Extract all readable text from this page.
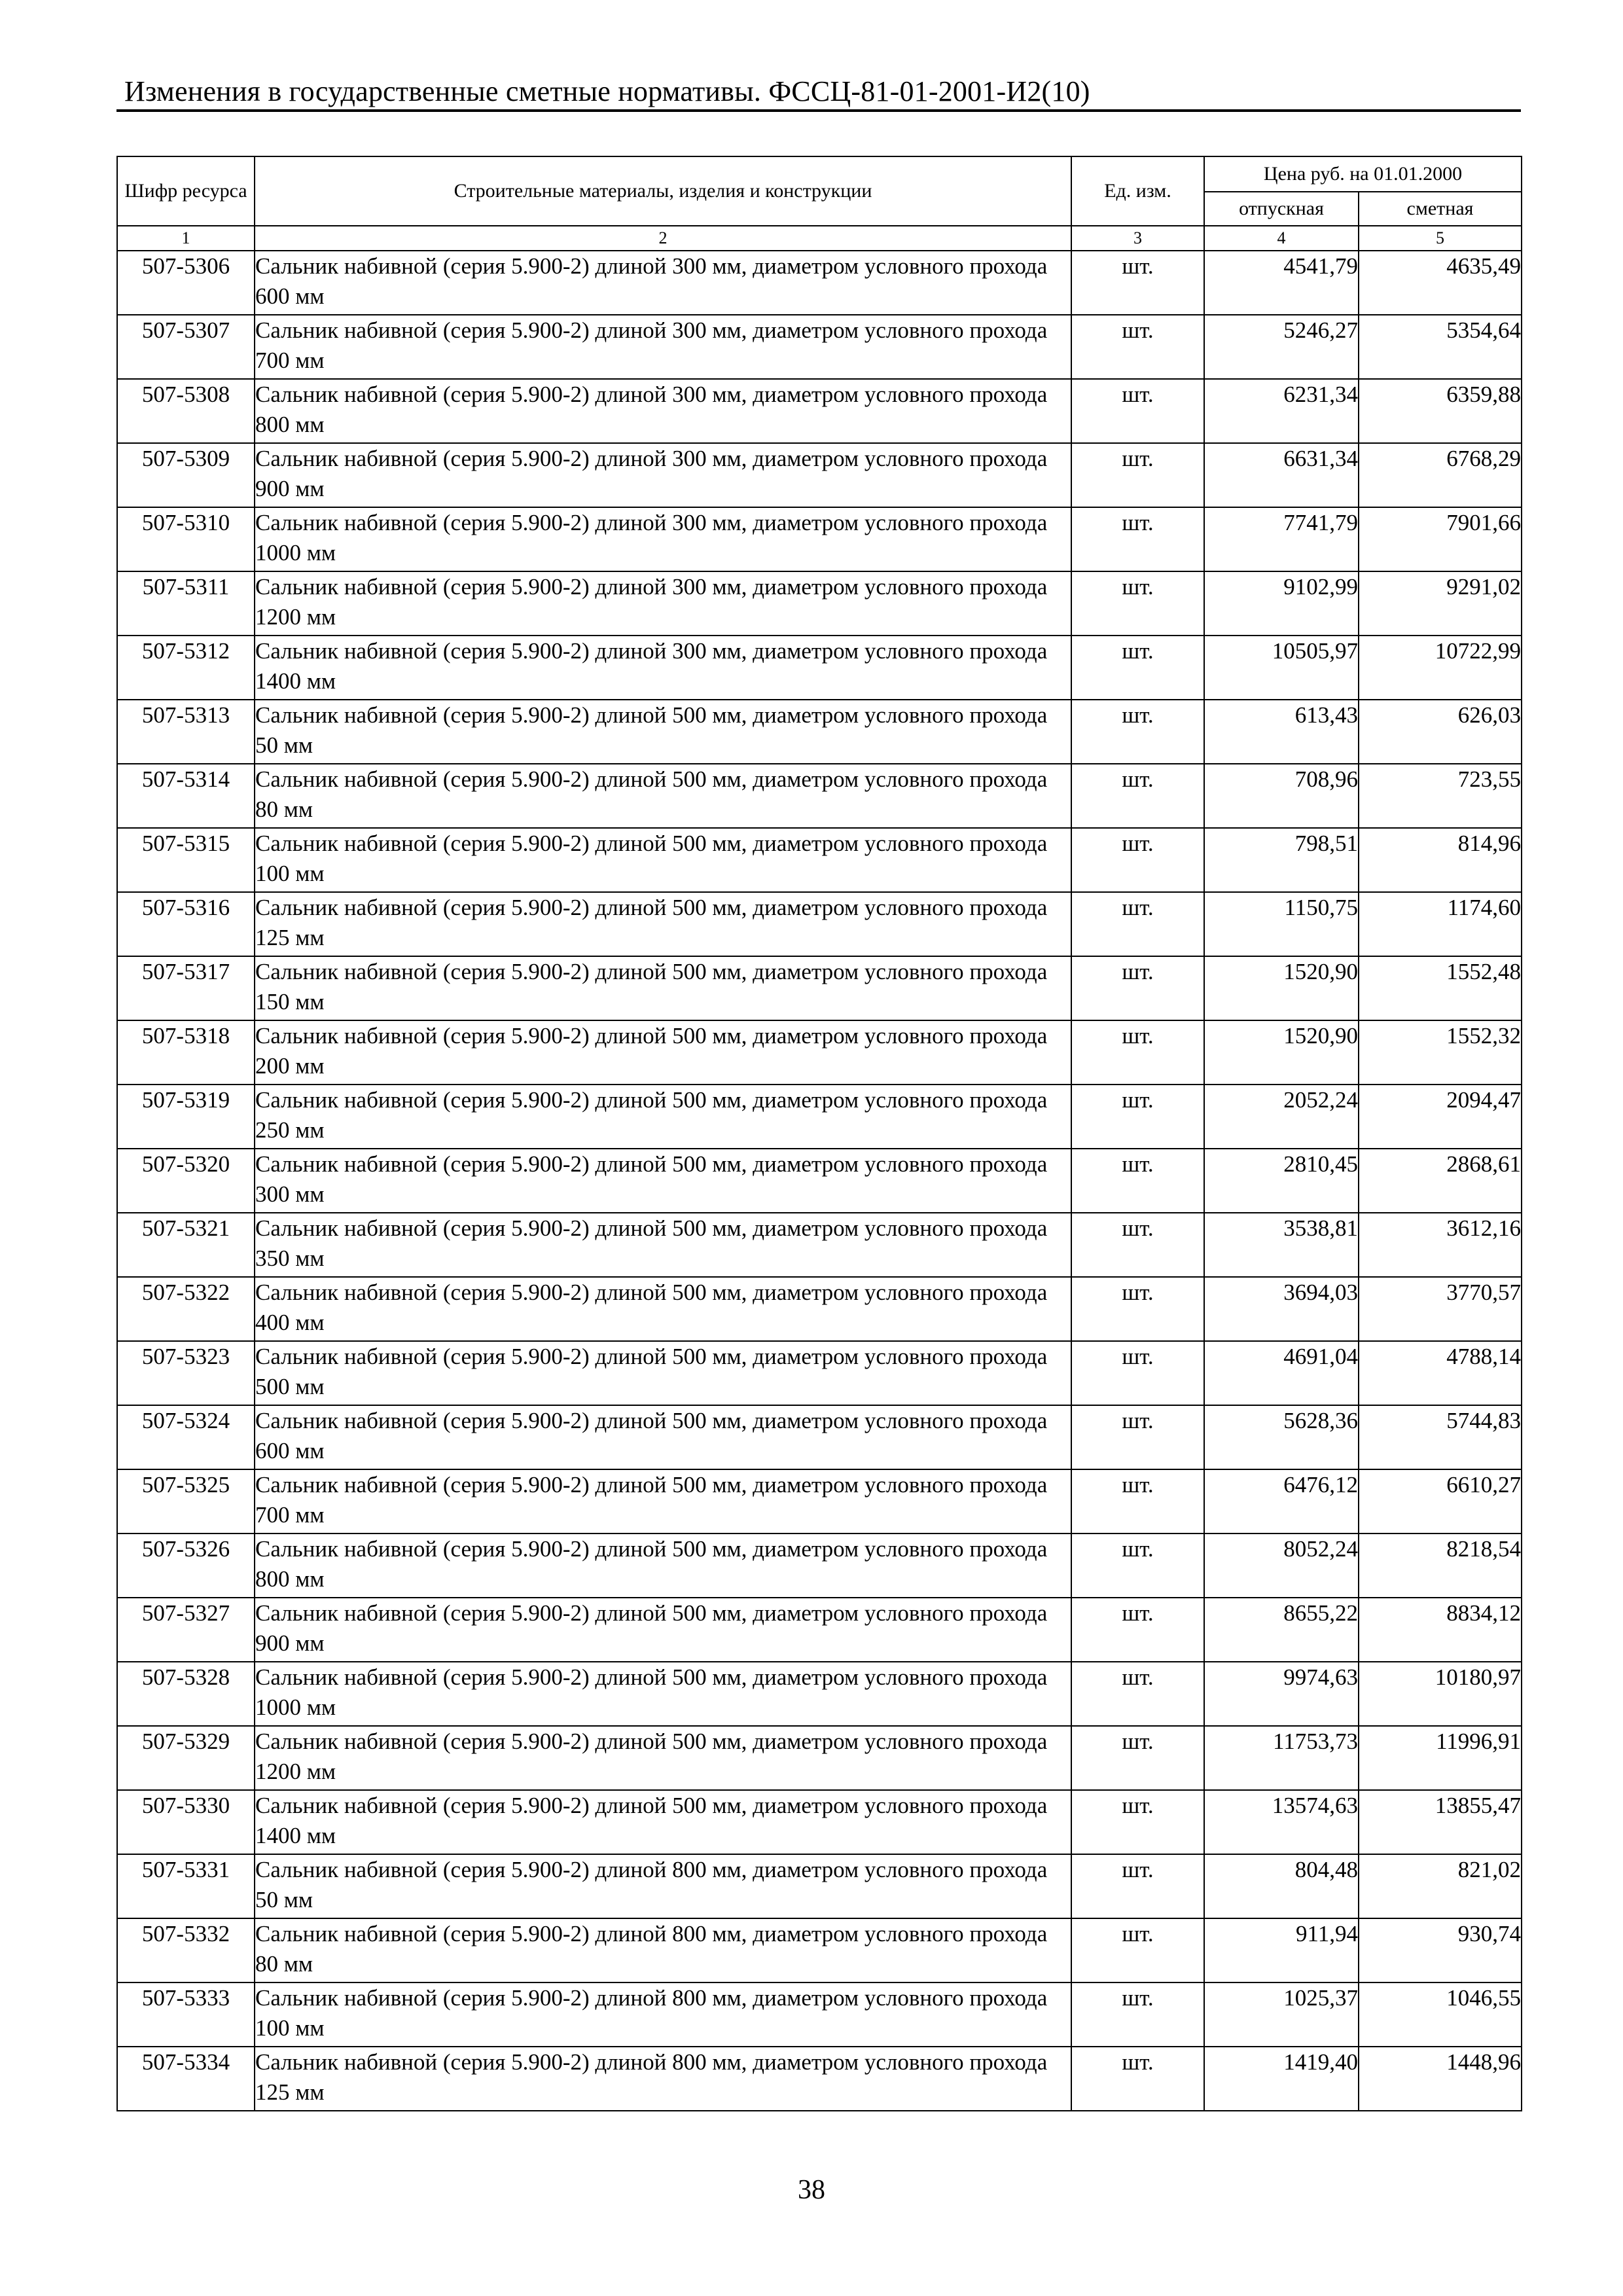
Изменения в государственные сметные нормативы. ФССЦ-81-01-2001-И2(10)
Шифр ресурса	Строительные материалы, изделия и конструкции	Ед. изм.	Цена руб. на 01.01.2000	
			отпускная	сметная
1	2	3	4	5
507-5306	Сальник набивной (серия 5.900-2) длиной 300 мм, диаметром условного прохода 600 мм	шт.	4541,79	4635,49
507-5307	Сальник набивной (серия 5.900-2) длиной 300 мм, диаметром условного прохода 700 мм	шт.	5246,27	5354,64
507-5308	Сальник набивной (серия 5.900-2) длиной 300 мм, диаметром условного прохода 800 мм	шт.	6231,34	6359,88
507-5309	Сальник набивной (серия 5.900-2) длиной 300 мм, диаметром условного прохода 900 мм	шт.	6631,34	6768,29
507-5310	Сальник набивной (серия 5.900-2) длиной 300 мм, диаметром условного прохода 1000 мм	шт.	7741,79	7901,66
507-5311	Сальник набивной (серия 5.900-2) длиной 300 мм, диаметром условного прохода 1200 мм	шт.	9102,99	9291,02
507-5312	Сальник набивной (серия 5.900-2) длиной 300 мм, диаметром условного прохода 1400 мм	шт.	10505,97	10722,99
507-5313	Сальник набивной (серия 5.900-2) длиной 500 мм, диаметром условного прохода 50 мм	шт.	613,43	626,03
507-5314	Сальник набивной (серия 5.900-2) длиной 500 мм, диаметром условного прохода 80 мм	шт.	708,96	723,55
507-5315	Сальник набивной (серия 5.900-2) длиной 500 мм, диаметром условного прохода 100 мм	шт.	798,51	814,96
507-5316	Сальник набивной (серия 5.900-2) длиной 500 мм, диаметром условного прохода 125 мм	шт.	1150,75	1174,60
507-5317	Сальник набивной (серия 5.900-2) длиной 500 мм, диаметром условного прохода 150 мм	шт.	1520,90	1552,48
507-5318	Сальник набивной (серия 5.900-2) длиной 500 мм, диаметром условного прохода 200 мм	шт.	1520,90	1552,32
507-5319	Сальник набивной (серия 5.900-2) длиной 500 мм, диаметром условного прохода 250 мм	шт.	2052,24	2094,47
507-5320	Сальник набивной (серия 5.900-2) длиной 500 мм, диаметром условного прохода 300 мм	шт.	2810,45	2868,61
507-5321	Сальник набивной (серия 5.900-2) длиной 500 мм, диаметром условного прохода 350 мм	шт.	3538,81	3612,16
507-5322	Сальник набивной (серия 5.900-2) длиной 500 мм, диаметром условного прохода 400 мм	шт.	3694,03	3770,57
507-5323	Сальник набивной (серия 5.900-2) длиной 500 мм, диаметром условного прохода 500 мм	шт.	4691,04	4788,14
507-5324	Сальник набивной (серия 5.900-2) длиной 500 мм, диаметром условного прохода 600 мм	шт.	5628,36	5744,83
507-5325	Сальник набивной (серия 5.900-2) длиной 500 мм, диаметром условного прохода 700 мм	шт.	6476,12	6610,27
507-5326	Сальник набивной (серия 5.900-2) длиной 500 мм, диаметром условного прохода 800 мм	шт.	8052,24	8218,54
507-5327	Сальник набивной (серия 5.900-2) длиной 500 мм, диаметром условного прохода 900 мм	шт.	8655,22	8834,12
507-5328	Сальник набивной (серия 5.900-2) длиной 500 мм, диаметром условного прохода 1000 мм	шт.	9974,63	10180,97
507-5329	Сальник набивной (серия 5.900-2) длиной 500 мм, диаметром условного прохода 1200 мм	шт.	11753,73	11996,91
507-5330	Сальник набивной (серия 5.900-2) длиной 500 мм, диаметром условного прохода 1400 мм	шт.	13574,63	13855,47
507-5331	Сальник набивной (серия 5.900-2) длиной 800 мм, диаметром условного прохода 50 мм	шт.	804,48	821,02
507-5332	Сальник набивной (серия 5.900-2) длиной 800 мм, диаметром условного прохода 80 мм	шт.	911,94	930,74
507-5333	Сальник набивной (серия 5.900-2) длиной 800 мм, диаметром условного прохода 100 мм	шт.	1025,37	1046,55
507-5334	Сальник набивной (серия 5.900-2) длиной 800 мм, диаметром условного прохода 125 мм	шт.	1419,40	1448,96
38
